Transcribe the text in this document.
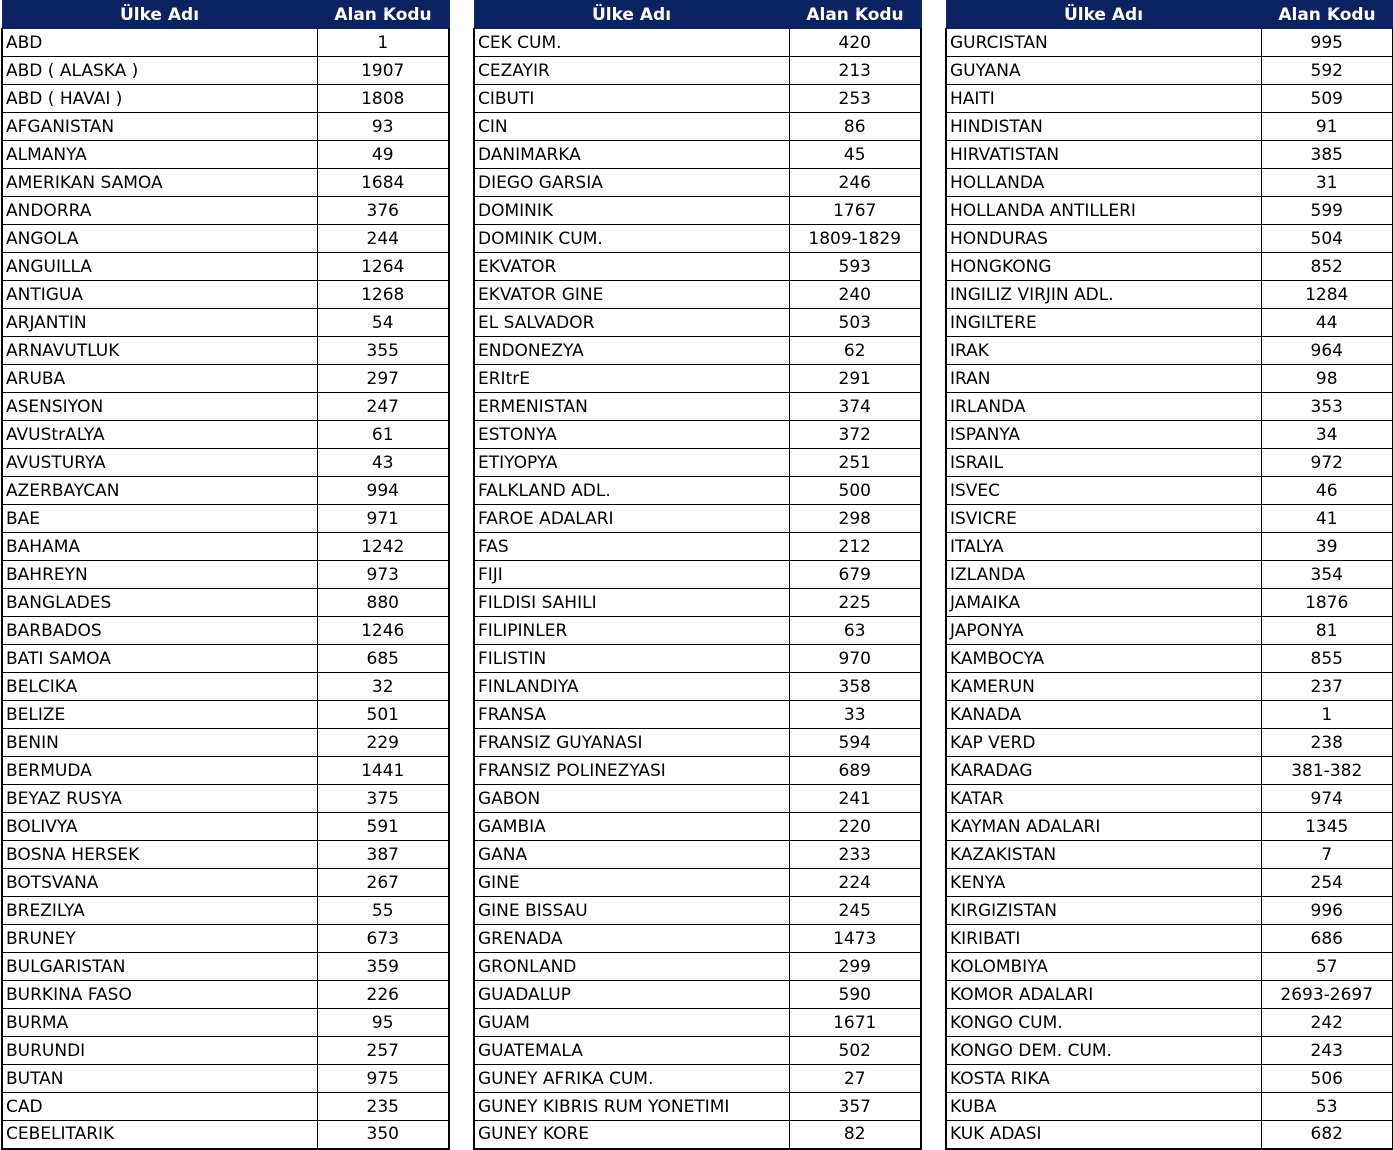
Ülke Adı	Alan Kodu
ABD	1
ABD ( ALASKA )	1907
ABD ( HAVAI )	1808
AFGANISTAN	93
ALMANYA	49
AMERIKAN SAMOA	1684
ANDORRA	376
ANGOLA	244
ANGUILLA	1264
ANTIGUA	1268
ARJANTIN	54
ARNAVUTLUK	355
ARUBA	297
ASENSIYON	247
AVUStrALYA	61
AVUSTURYA	43
AZERBAYCAN	994
BAE	971
BAHAMA	1242
BAHREYN	973
BANGLADES	880
BARBADOS	1246
BATI SAMOA	685
BELCIKA	32
BELIZE	501
BENIN	229
BERMUDA	1441
BEYAZ RUSYA	375
BOLIVYA	591
BOSNA HERSEK	387
BOTSVANA	267
BREZILYA	55
BRUNEY	673
BULGARISTAN	359
BURKINA FASO	226
BURMA	95
BURUNDI	257
BUTAN	975
CAD	235
CEBELITARIK	350
Ülke Adı	Alan Kodu
CEK CUM.	420
CEZAYIR	213
CIBUTI	253
CIN	86
DANIMARKA	45
DIEGO GARSIA	246
DOMINIK	1767
DOMINIK CUM.	1809-1829
EKVATOR	593
EKVATOR GINE	240
EL SALVADOR	503
ENDONEZYA	62
ERItrE	291
ERMENISTAN	374
ESTONYA	372
ETIYOPYA	251
FALKLAND ADL.	500
FAROE ADALARI	298
FAS	212
FIJI	679
FILDISI SAHILI	225
FILIPINLER	63
FILISTIN	970
FINLANDIYA	358
FRANSA	33
FRANSIZ GUYANASI	594
FRANSIZ POLINEZYASI	689
GABON	241
GAMBIA	220
GANA	233
GINE	224
GINE BISSAU	245
GRENADA	1473
GRONLAND	299
GUADALUP	590
GUAM	1671
GUATEMALA	502
GUNEY AFRIKA CUM.	27
GUNEY KIBRIS RUM YONETIMI	357
GUNEY KORE	82
Ülke Adı	Alan Kodu
GURCISTAN	995
GUYANA	592
HAITI	509
HINDISTAN	91
HIRVATISTAN	385
HOLLANDA	31
HOLLANDA ANTILLERI	599
HONDURAS	504
HONGKONG	852
INGILIZ VIRJIN ADL.	1284
INGILTERE	44
IRAK	964
IRAN	98
IRLANDA	353
ISPANYA	34
ISRAIL	972
ISVEC	46
ISVICRE	41
ITALYA	39
IZLANDA	354
JAMAIKA	1876
JAPONYA	81
KAMBOCYA	855
KAMERUN	237
KANADA	1
KAP VERD	238
KARADAG	381-382
KATAR	974
KAYMAN ADALARI	1345
KAZAKISTAN	7
KENYA	254
KIRGIZISTAN	996
KIRIBATI	686
KOLOMBIYA	57
KOMOR ADALARI	2693-2697
KONGO CUM.	242
KONGO DEM. CUM.	243
KOSTA RIKA	506
KUBA	53
KUK ADASI	682
